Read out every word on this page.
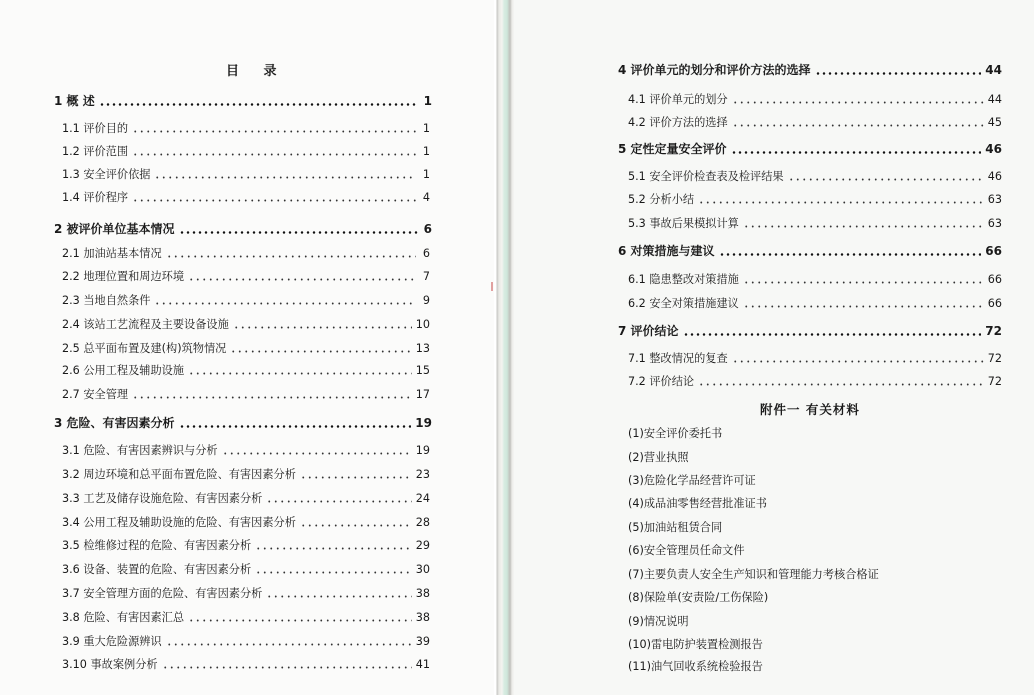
目 录
1 概 述	1
1.1 评价目的	1
1.2 评价范围	1
1.3 安全评价依据	1
1.4 评价程序	4
2 被评价单位基本情况	6
2.1 加油站基本情况	6
2.2 地理位置和周边环境	7
2.3 当地自然条件	9
2.4 该站工艺流程及主要设备设施	10
2.5 总平面布置及建(构)筑物情况	13
2.6 公用工程及辅助设施	15
2.7 安全管理	17
3 危险、有害因素分析	19
3.1 危险、有害因素辨识与分析	19
3.2 周边环境和总平面布置危险、有害因素分析	23
3.3 工艺及储存设施危险、有害因素分析	24
3.4 公用工程及辅助设施的危险、有害因素分析	28
3.5 检维修过程的危险、有害因素分析	29
3.6 设备、装置的危险、有害因素分析	30
3.7 安全管理方面的危险、有害因素分析	38
3.8 危险、有害因素汇总	38
3.9 重大危险源辨识	39
3.10 事故案例分析	41
4 评价单元的划分和评价方法的选择	44
4.1 评价单元的划分	44
4.2 评价方法的选择	45
5 定性定量安全评价	46
5.1 安全评价检查表及检评结果	46
5.2 分析小结	63
5.3 事故后果模拟计算	63
6 对策措施与建议	66
6.1 隐患整改对策措施	66
6.2 安全对策措施建议	66
7 评价结论	72
7.1 整改情况的复查	72
7.2 评价结论	72
附件一 有关材料
(1)安全评价委托书
(2)营业执照
(3)危险化学品经营许可证
(4)成品油零售经营批准证书
(5)加油站租赁合同
(6)安全管理员任命文件
(7)主要负责人安全生产知识和管理能力考核合格证
(8)保险单(安责险/工伤保险)
(9)情况说明
(10)雷电防护装置检测报告
(11)油气回收系统检验报告
